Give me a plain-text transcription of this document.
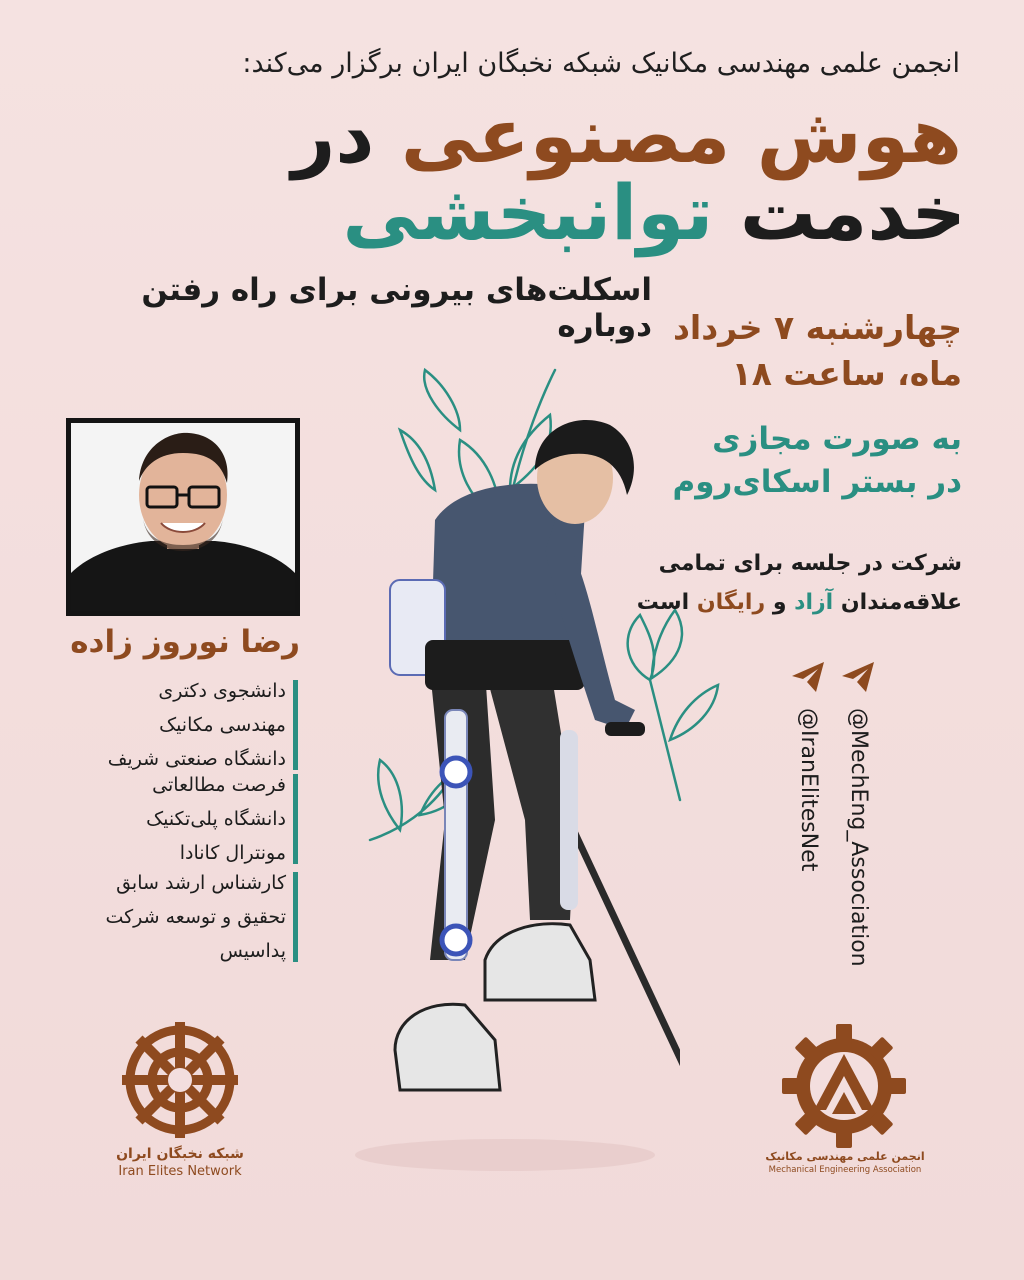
انجمن علمی مهندسی مکانیک شبکه نخبگان ایران برگزار می‌کند:
هوش مصنوعی در
خدمت توانبخشی
اسکلت‌های بیرونی برای راه رفتن دوباره چهارشنبه ۷ خرداد
ماه، ساعت ۱۸
به صورت مجازی
در بستر اسکای‌روم
شرکت در جلسه برای تمامی
علاقه‌مندان آزاد و رایگان است
رضا نوروز زاده
دانشجوی دکتری
مهندسی مکانیک
دانشگاه صنعتی شریف
فرصت مطالعاتی
دانشگاه پلی‌تکنیک
مونترال کانادا
کارشناس ارشد سابق
تحقیق و توسعه شرکت
پداسیس	@MechEng_Association
@IranElitesNet
شبکه نخبگان ایران
Iran Elites Network
انجمن علمی مهندسی مکانیک
Mechanical Engineering Association
